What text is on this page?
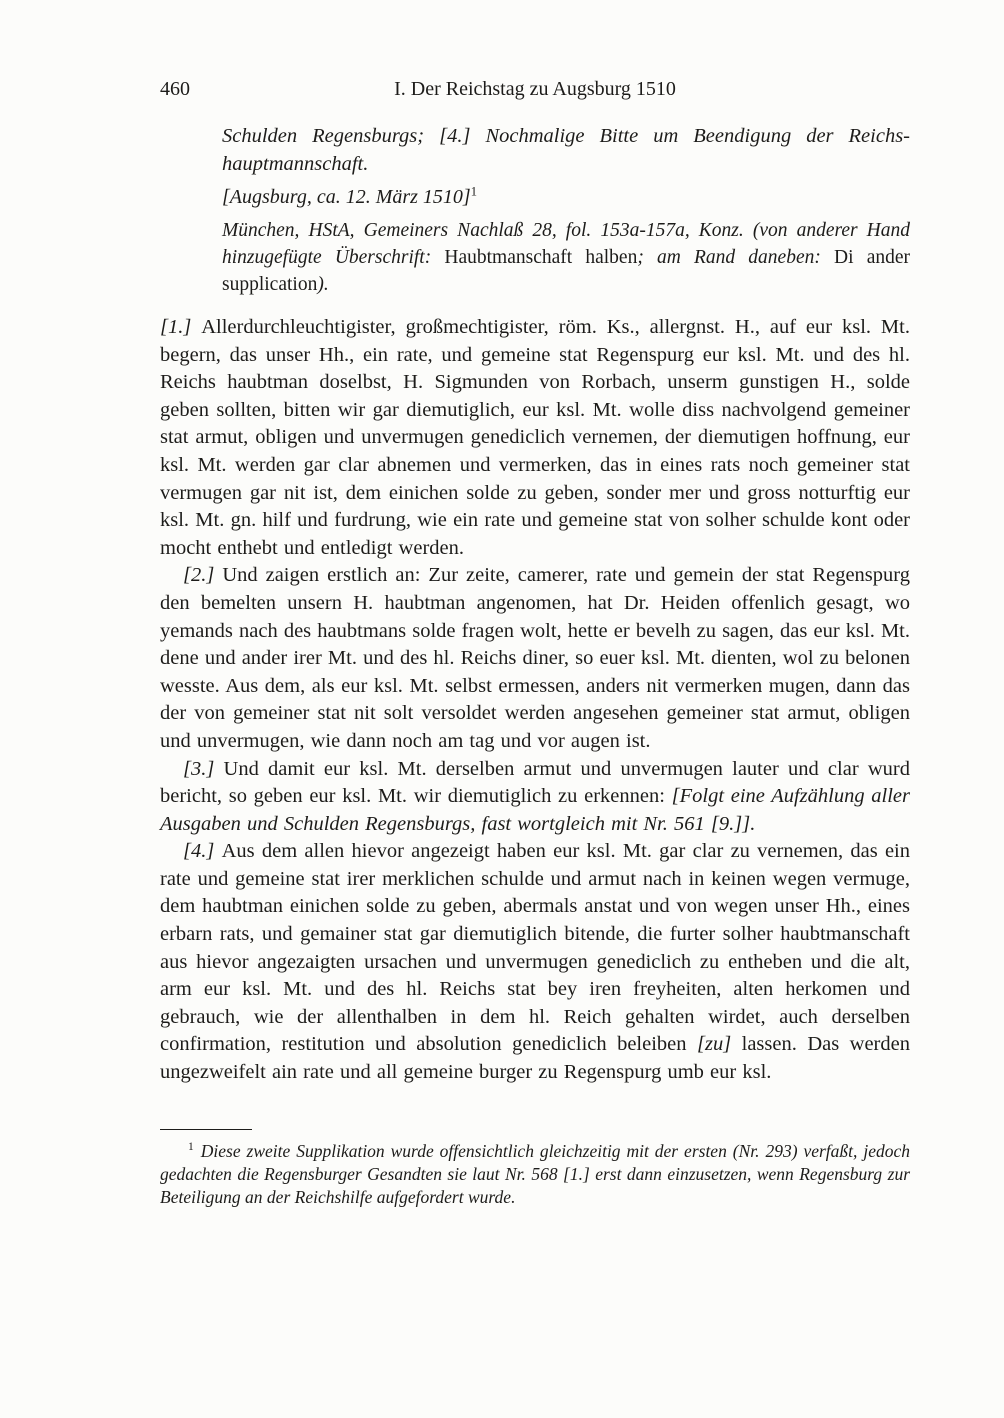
460	I. Der Reichstag zu Augsburg 1510
Schulden Regensburgs; [4.] Nochmalige Bitte um Beendigung der Reichs-
hauptmannschaft.
[Augsburg, ca. 12. März 1510]$^1$
München, HStA, Gemeiners Nachlaß 28, fol. 153a-157a, Konz. (von anderer Hand hinzugefügte Überschrift: Haubtmanschaft halben; am Rand daneben: Di ander supplication).

[1.] Allerdurchleuchtigister, großmechtigister, röm. Ks., allergnst. H., auf eur ksl. Mt. begern, das unser Hh., ein rate, und gemeine stat Regenspurg eur ksl. Mt. und des hl. Reichs haubtman doselbst, H. Sigmunden von Rorbach, unserm gunstigen H., solde geben sollten, bitten wir gar diemutiglich, eur ksl. Mt. wolle diss nachvolgend gemeiner stat armut, obligen und unvermugen genediclich vernemen, der diemutigen hoffnung, eur ksl. Mt. werden gar clar abnemen und vermerken, das in eines rats noch gemeiner stat vermugen gar nit ist, dem einichen solde zu geben, sonder mer und gross notturftig eur ksl. Mt. gn. hilf und furdrung, wie ein rate und gemeine stat von solher schulde kont oder mocht enthebt und entledigt werden.

[2.] Und zaigen erstlich an: Zur zeite, camerer, rate und gemein der stat Regenspurg den bemelten unsern H. haubtman angenomen, hat Dr. Heiden offenlich gesagt, wo yemands nach des haubtmans solde fragen wolt, hette er bevelh zu sagen, das eur ksl. Mt. dene und ander irer Mt. und des hl. Reichs diner, so euer ksl. Mt. dienten, wol zu belonen wesste. Aus dem, als eur ksl. Mt. selbst ermessen, anders nit vermerken mugen, dann das der von gemeiner stat nit solt versoldet werden angesehen gemeiner stat armut, obligen und unvermugen, wie dann noch am tag und vor augen ist.

[3.] Und damit eur ksl. Mt. derselben armut und unvermugen lauter und clar wurd bericht, so geben eur ksl. Mt. wir diemutiglich zu erkennen: [Folgt eine Aufzählung aller Ausgaben und Schulden Regensburgs, fast wortgleich mit Nr. 561 [9.]].

[4.] Aus dem allen hievor angezeigt haben eur ksl. Mt. gar clar zu vernemen, das ein rate und gemeine stat irer merklichen schulde und armut nach in keinen wegen vermuge, dem haubtman einichen solde zu geben, abermals anstat und von wegen unser Hh., eines erbarn rats, und gemainer stat gar diemutiglich bitende, die furter solher haubtmanschaft aus hievor angezaigten ursachen und unvermugen genediclich zu entheben und die alt, arm eur ksl. Mt. und des hl. Reichs stat bey iren freyheiten, alten herkomen und gebrauch, wie der allenthalben in dem hl. Reich gehalten wirdet, auch derselben confirmation, restitution und absolution genediclich beleiben [zu] lassen. Das werden ungezweifelt ain rate und all gemeine burger zu Regenspurg umb eur ksl.

$^1$ Diese zweite Supplikation wurde offensichtlich gleichzeitig mit der ersten (Nr. 293) verfaßt, jedoch gedachten die Regensburger Gesandten sie laut Nr. 568 [1.] erst dann einzusetzen, wenn Regensburg zur Beteiligung an der Reichshilfe aufgefordert wurde.
